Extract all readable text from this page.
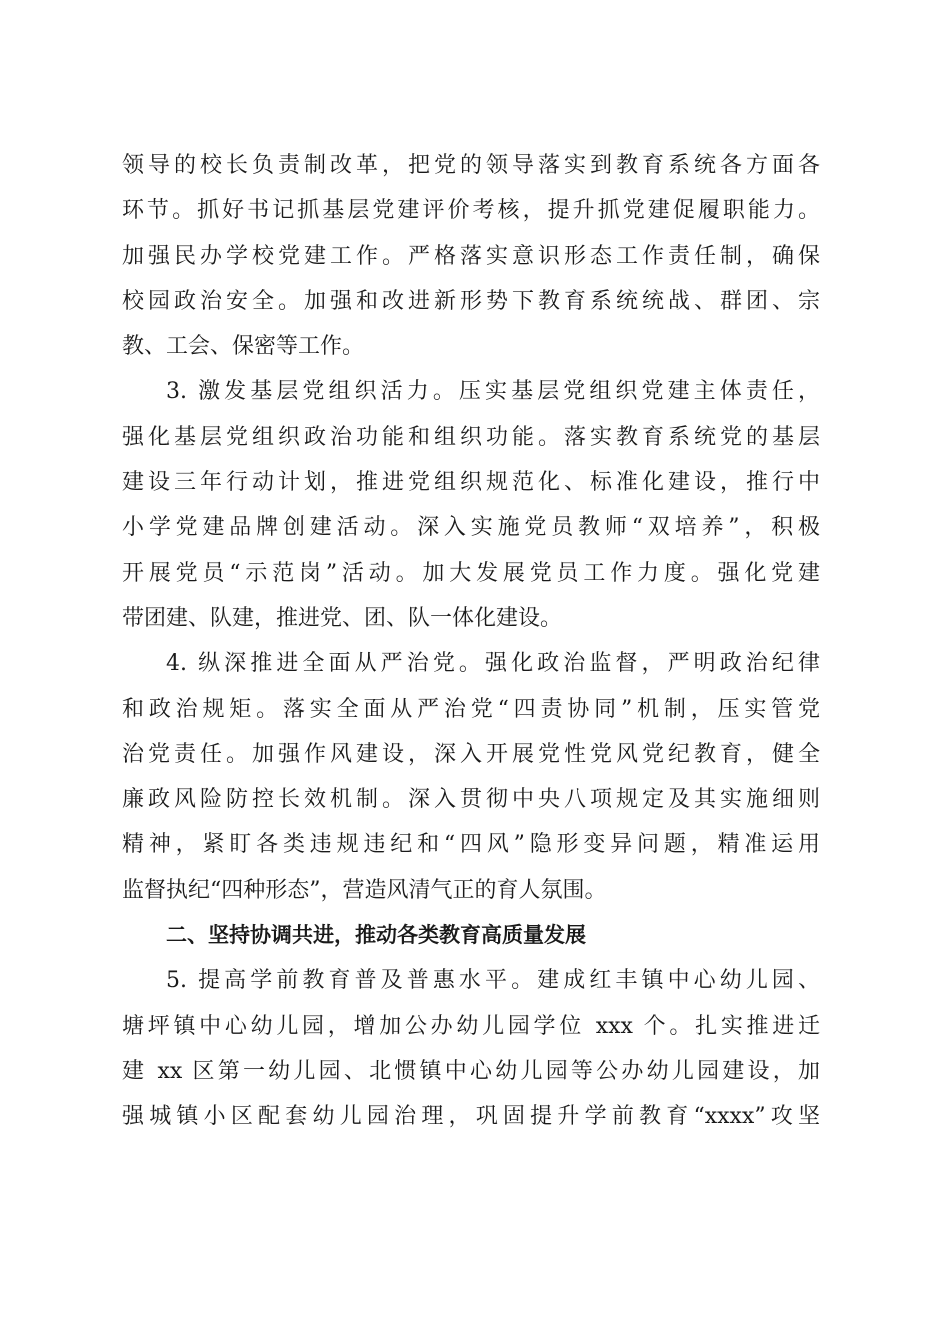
领导的校长负责制改革，把党的领导落实到教育系统各方面各
环节。抓好书记抓基层党建评价考核，提升抓党建促履职能力。
加强民办学校党建工作。严格落实意识形态工作责任制，确保
校园政治安全。加强和改进新形势下教育系统统战、群团、宗
教、工会、保密等工作。
3. 激发基层党组织活力。压实基层党组织党建主体责任，
强化基层党组织政治功能和组织功能。落实教育系统党的基层
建设三年行动计划，推进党组织规范化、标准化建设，推行中
小学党建品牌创建活动。深入实施党员教师“双培养”，积极
开展党员“示范岗”活动。加大发展党员工作力度。强化党建
带团建、队建，推进党、团、队一体化建设。
4. 纵深推进全面从严治党。强化政治监督，严明政治纪律
和政治规矩。落实全面从严治党“四责协同”机制，压实管党
治党责任。加强作风建设，深入开展党性党风党纪教育，健全
廉政风险防控长效机制。深入贯彻中央八项规定及其实施细则
精神，紧盯各类违规违纪和“四风”隐形变异问题，精准运用
监督执纪“四种形态”，营造风清气正的育人氛围。
二、坚持协调共进，推动各类教育高质量发展
5. 提高学前教育普及普惠水平。建成红丰镇中心幼儿园、
塘坪镇中心幼儿园，增加公办幼儿园学位 xxx 个。扎实推进迁
建 xx 区第一幼儿园、北惯镇中心幼儿园等公办幼儿园建设，加
强城镇小区配套幼儿园治理，巩固提升学前教育“xxxx”攻坚
